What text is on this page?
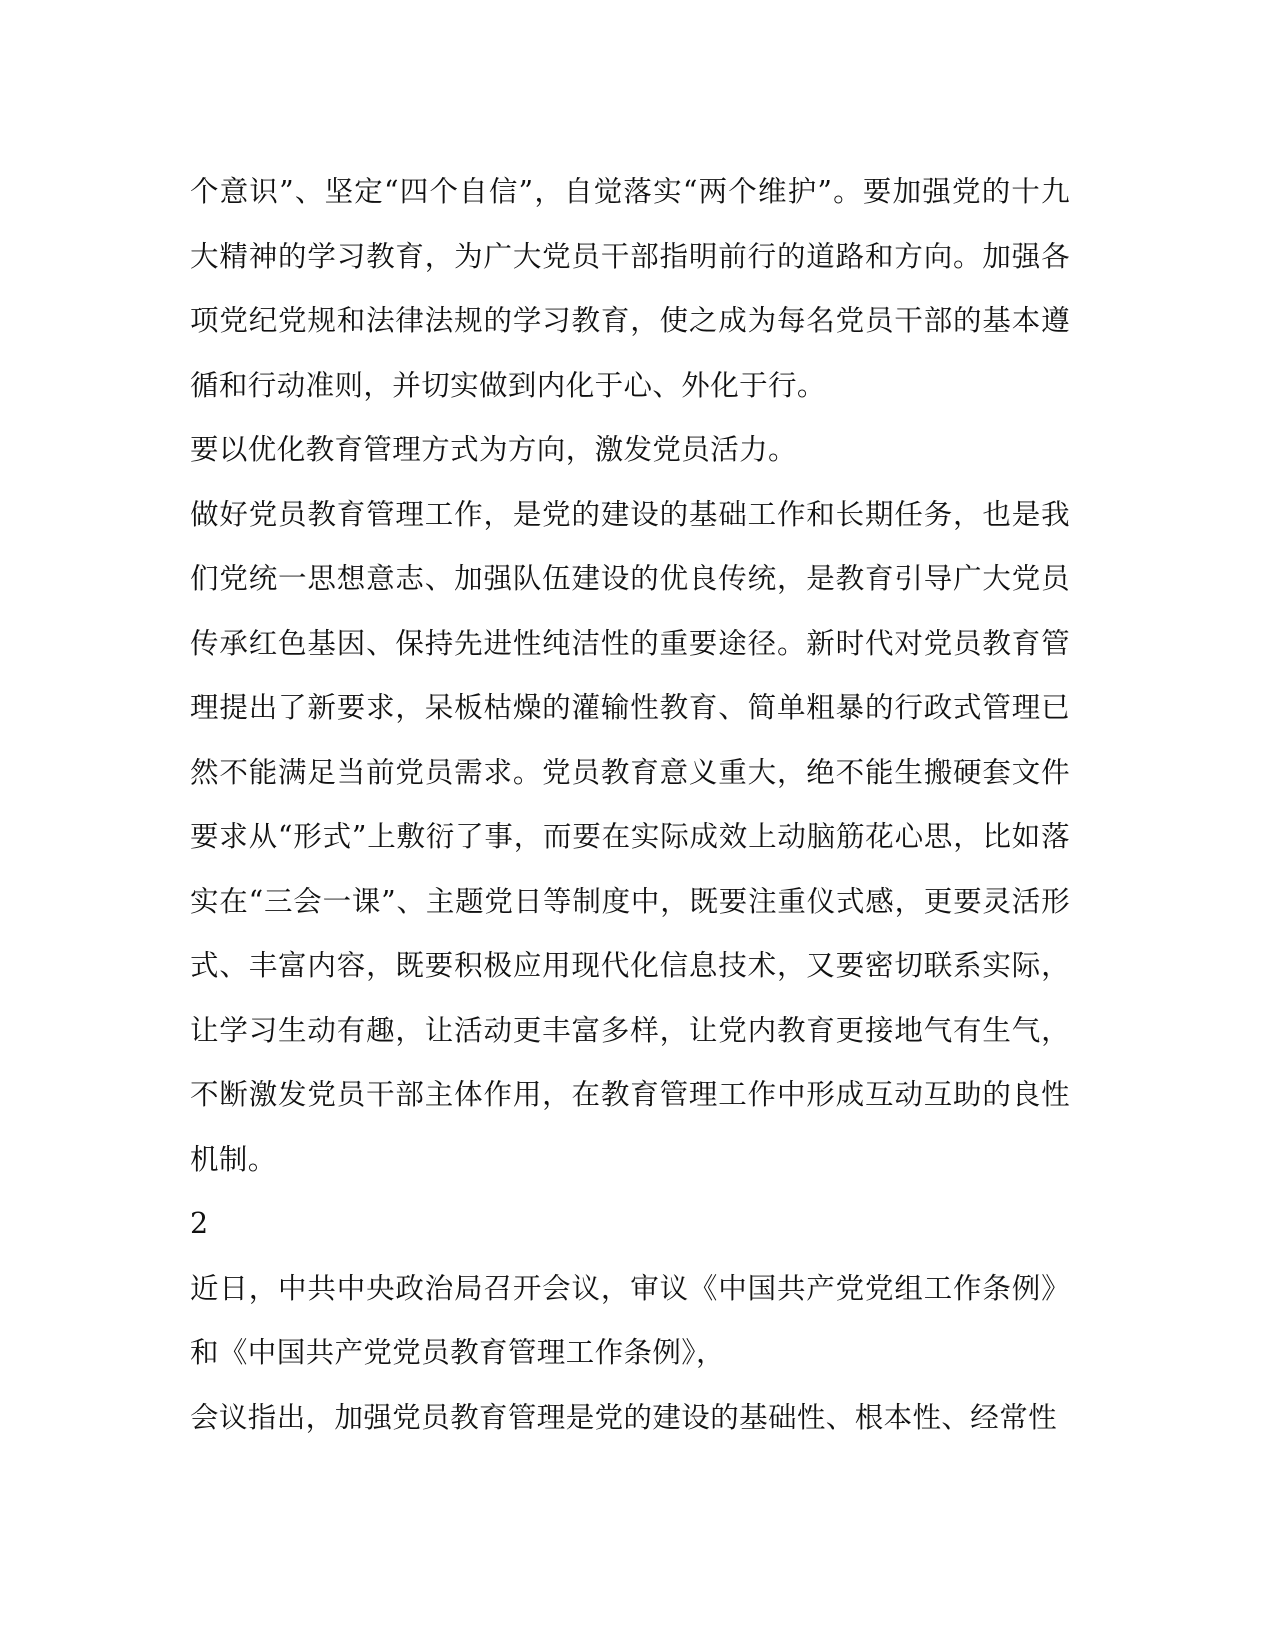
个意识”、坚定“四个自信”，自觉落实“两个维护”。要加强党的十九大精神的学习教育，为广大党员干部指明前行的道路和方向。加强各项党纪党规和法律法规的学习教育，使之成为每名党员干部的基本遵循和行动准则，并切实做到内化于心、外化于行。

要以优化教育管理方式为方向，激发党员活力。

做好党员教育管理工作，是党的建设的基础工作和长期任务，也是我们党统一思想意志、加强队伍建设的优良传统，是教育引导广大党员传承红色基因、保持先进性纯洁性的重要途径。新时代对党员教育管理提出了新要求，呆板枯燥的灌输性教育、简单粗暴的行政式管理已然不能满足当前党员需求。党员教育意义重大，绝不能生搬硬套文件要求从“形式”上敷衍了事，而要在实际成效上动脑筋花心思，比如落实在“三会一课”、主题党日等制度中，既要注重仪式感，更要灵活形式、丰富内容，既要积极应用现代化信息技术，又要密切联系实际，让学习生动有趣，让活动更丰富多样，让党内教育更接地气有生气，不断激发党员干部主体作用，在教育管理工作中形成互动互助的良性机制。

2

近日，中共中央政治局召开会议，审议《中国共产党党组工作条例》和《中国共产党党员教育管理工作条例》，

会议指出，加强党员教育管理是党的建设的基础性、根本性、经常性
